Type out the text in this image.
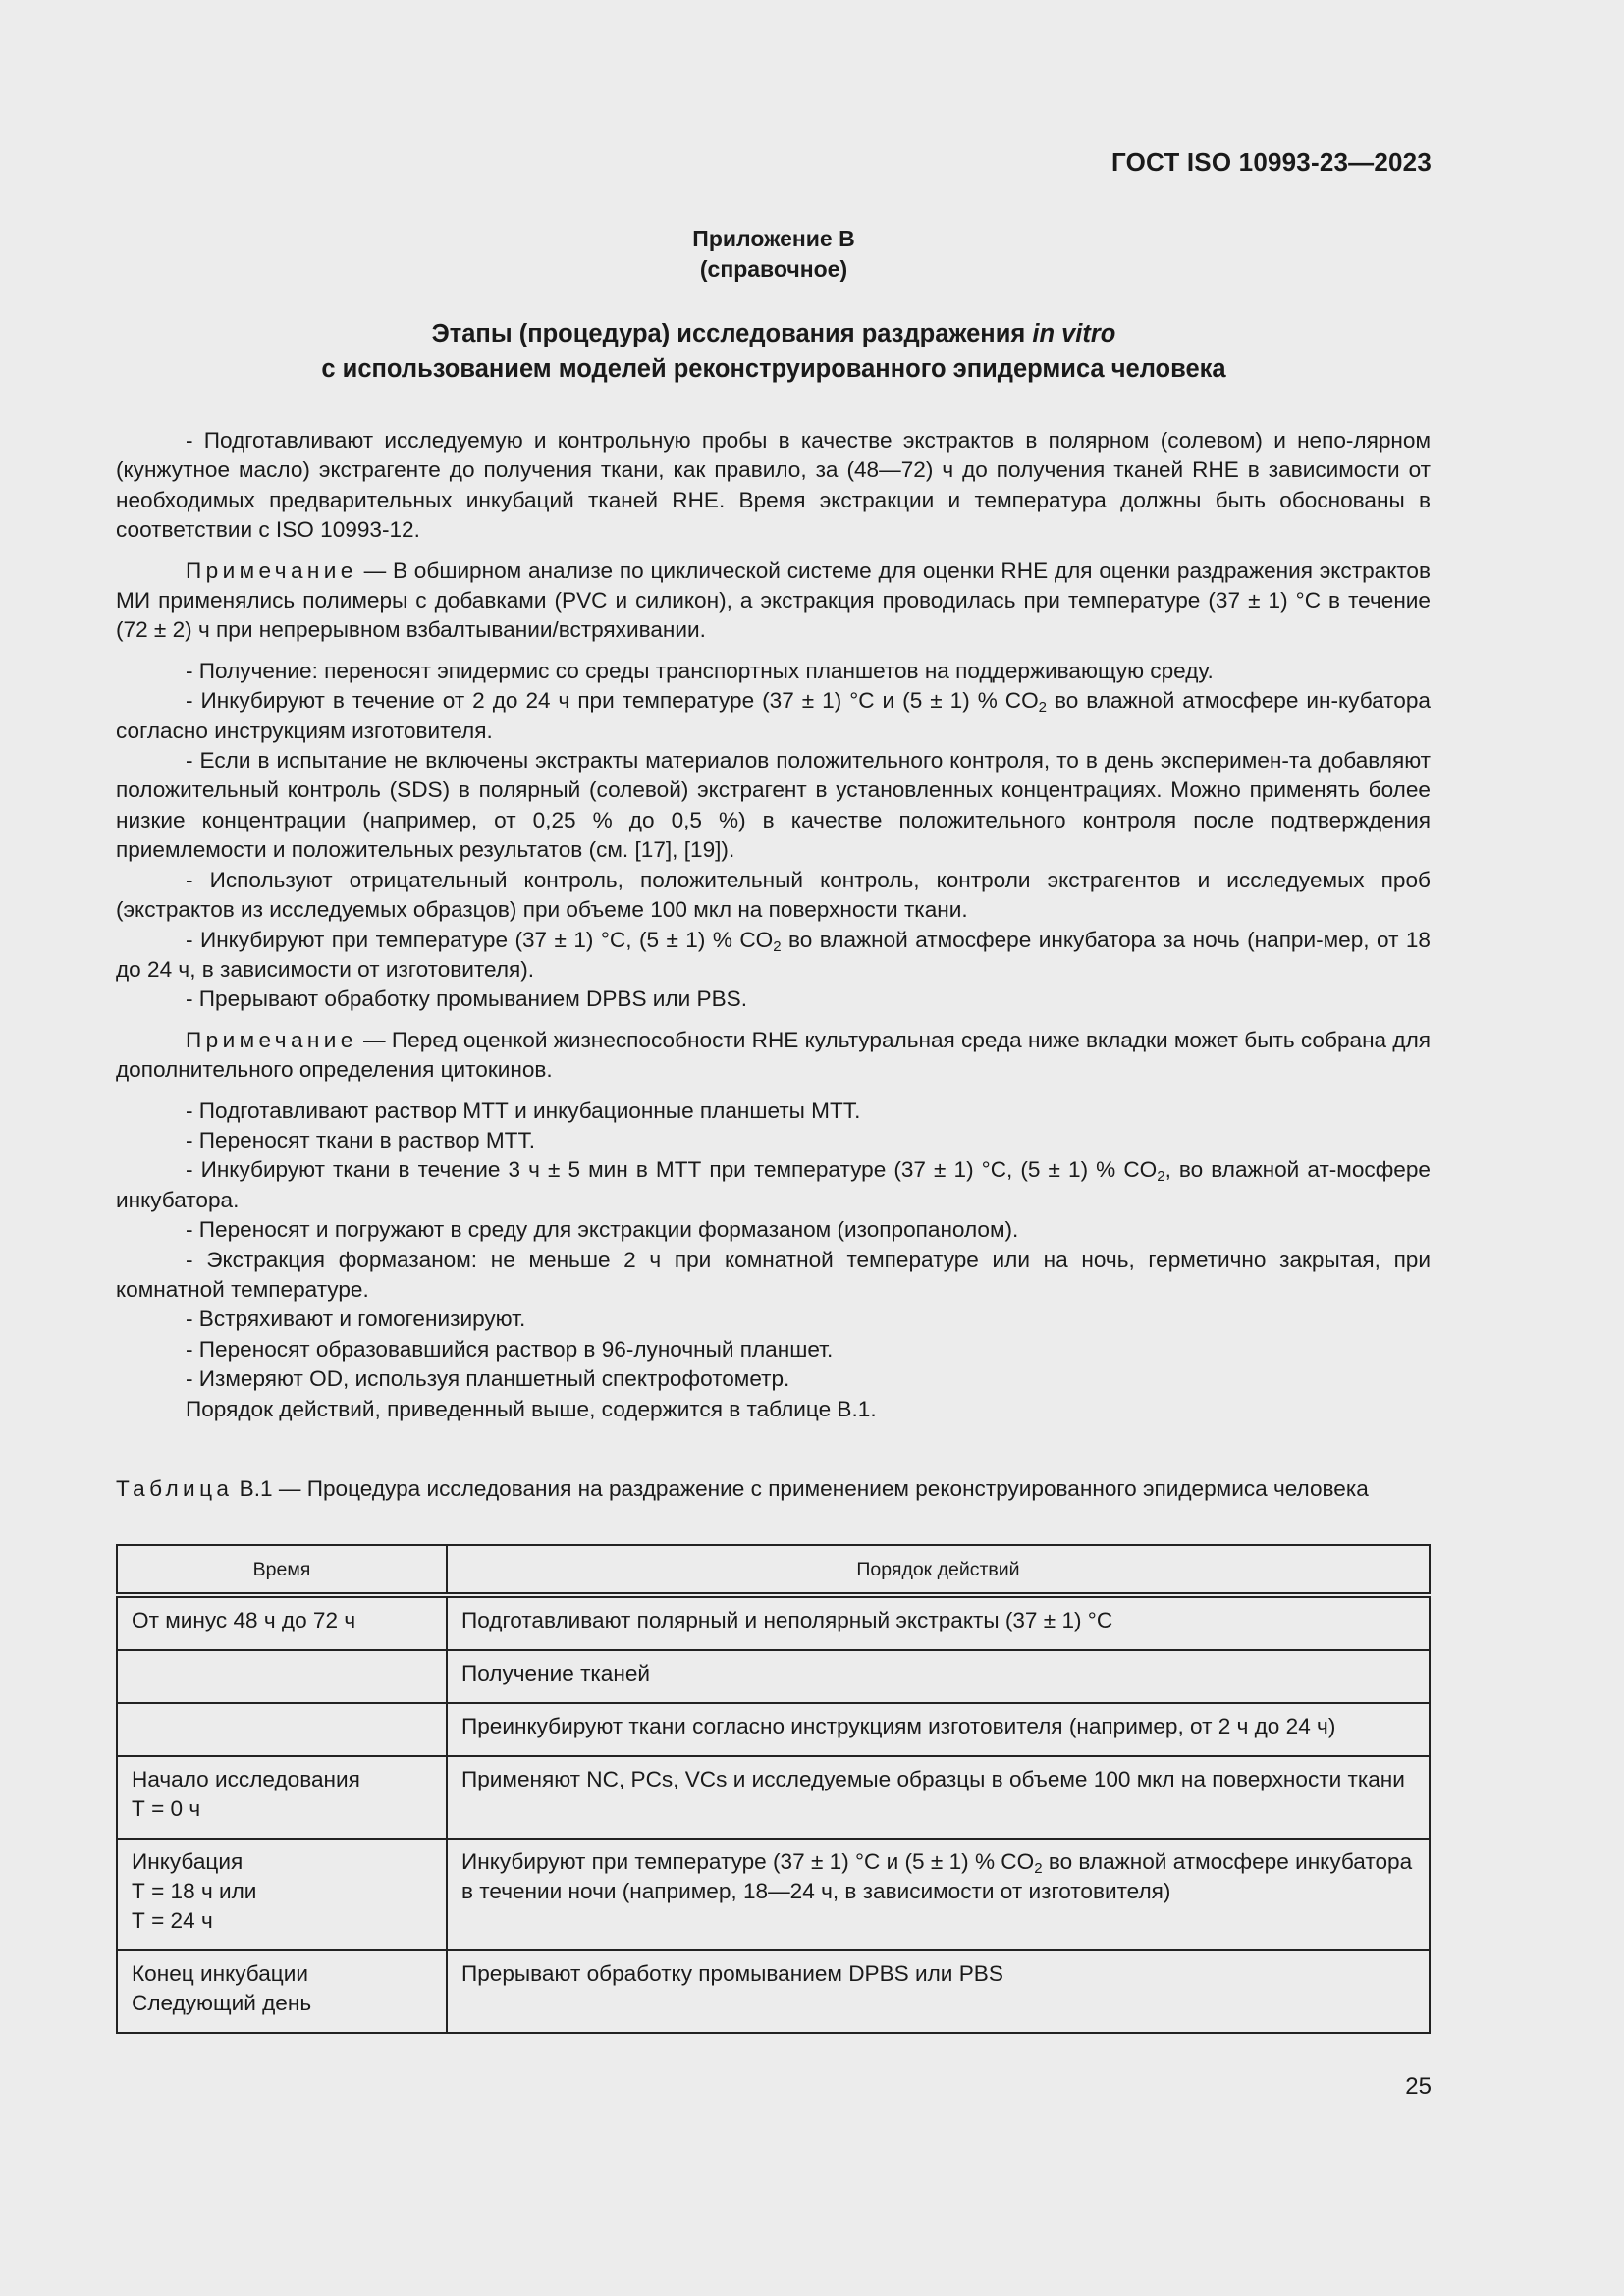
ГОСТ ISO 10993-23—2023
Приложение В
(справочное)
Этапы (процедура) исследования раздражения in vitro
с использованием моделей реконструированного эпидермиса человека

- Подготавливают исследуемую и контрольную пробы в качестве экстрактов в полярном (солевом) и непо-лярном (кунжутное масло) экстрагенте до получения ткани, как правило, за (48—72) ч до получения тканей RHE в зависимости от необходимых предварительных инкубаций тканей RHE. Время экстракции и температура должны быть обоснованы в соответствии с ISO 10993-12.

Примечание — В обширном анализе по циклической системе для оценки RHE для оценки раздражения экстрактов МИ применялись полимеры с добавками (PVC и силикон), а экстракция проводилась при температуре (37 ± 1) °С в течение (72 ± 2) ч при непрерывном взбалтывании/встряхивании.

- Получение: переносят эпидермис со среды транспортных планшетов на поддерживающую среду.

- Инкубируют в течение от 2 до 24 ч при температуре (37 ± 1) °С и (5 ± 1) % $CO_2$ во влажной атмосфере ин-кубатора согласно инструкциям изготовителя.

- Если в испытание не включены экстракты материалов положительного контроля, то в день эксперимен-та добавляют положительный контроль (SDS) в полярный (солевой) экстрагент в установленных концентрациях. Можно применять более низкие концентрации (например, от 0,25 % до 0,5 %) в качестве положительного контроля после подтверждения приемлемости и положительных результатов (см. [17], [19]).

- Используют отрицательный контроль, положительный контроль, контроли экстрагентов и исследуемых проб (экстрактов из исследуемых образцов) при объеме 100 мкл на поверхности ткани.

- Инкубируют при температуре (37 ± 1) °С, (5 ± 1) % $CO_2$ во влажной атмосфере инкубатора за ночь (напри-мер, от 18 до 24 ч, в зависимости от изготовителя).

- Прерывают обработку промыванием DPBS или PBS.

Примечание — Перед оценкой жизнеспособности RHE культуральная среда ниже вкладки может быть собрана для дополнительного определения цитокинов.

- Подготавливают раствор МТТ и инкубационные планшеты МТТ.

- Переносят ткани в раствор МТТ.

- Инкубируют ткани в течение 3 ч ± 5 мин в МТТ при температуре (37 ± 1) °С, (5 ± 1) % $CO_2$, во влажной ат-мосфере инкубатора.

- Переносят и погружают в среду для экстракции формазаном (изопропанолом).

- Экстракция формазаном: не меньше 2 ч при комнатной температуре или на ночь, герметично закрытая, при комнатной температуре.

- Встряхивают и гомогенизируют.

- Переносят образовавшийся раствор в 96-луночный планшет.

- Измеряют OD, используя планшетный спектрофотометр.

Порядок действий, приведенный выше, содержится в таблице В.1.

Таблица В.1 — Процедура исследования на раздражение с применением реконструированного эпидермиса человека
Время	Порядок действий
От минус 48 ч до 72 ч	Подготавливают полярный и неполярный экстракты (37 ± 1) °С
	Получение тканей
	Преинкубируют ткани согласно инструкциям изготовителя (например, от 2 ч до 24 ч)

Начало исследования
Т = 0 ч	Применяют NC, PCs, VCs и исследуемые образцы в объеме 100 мкл на поверхности ткани

Инкубация
Т = 18 ч или
Т = 24 ч	Инкубируют при температуре (37 ± 1) °С и (5 ± 1) % $CO_2$ во влажной атмосфере инкубатора в течении ночи (например, 18—24 ч, в зависимости от изготовителя)

Конец инкубации
Следующий день	Прерывают обработку промыванием DPBS или PBS
25
